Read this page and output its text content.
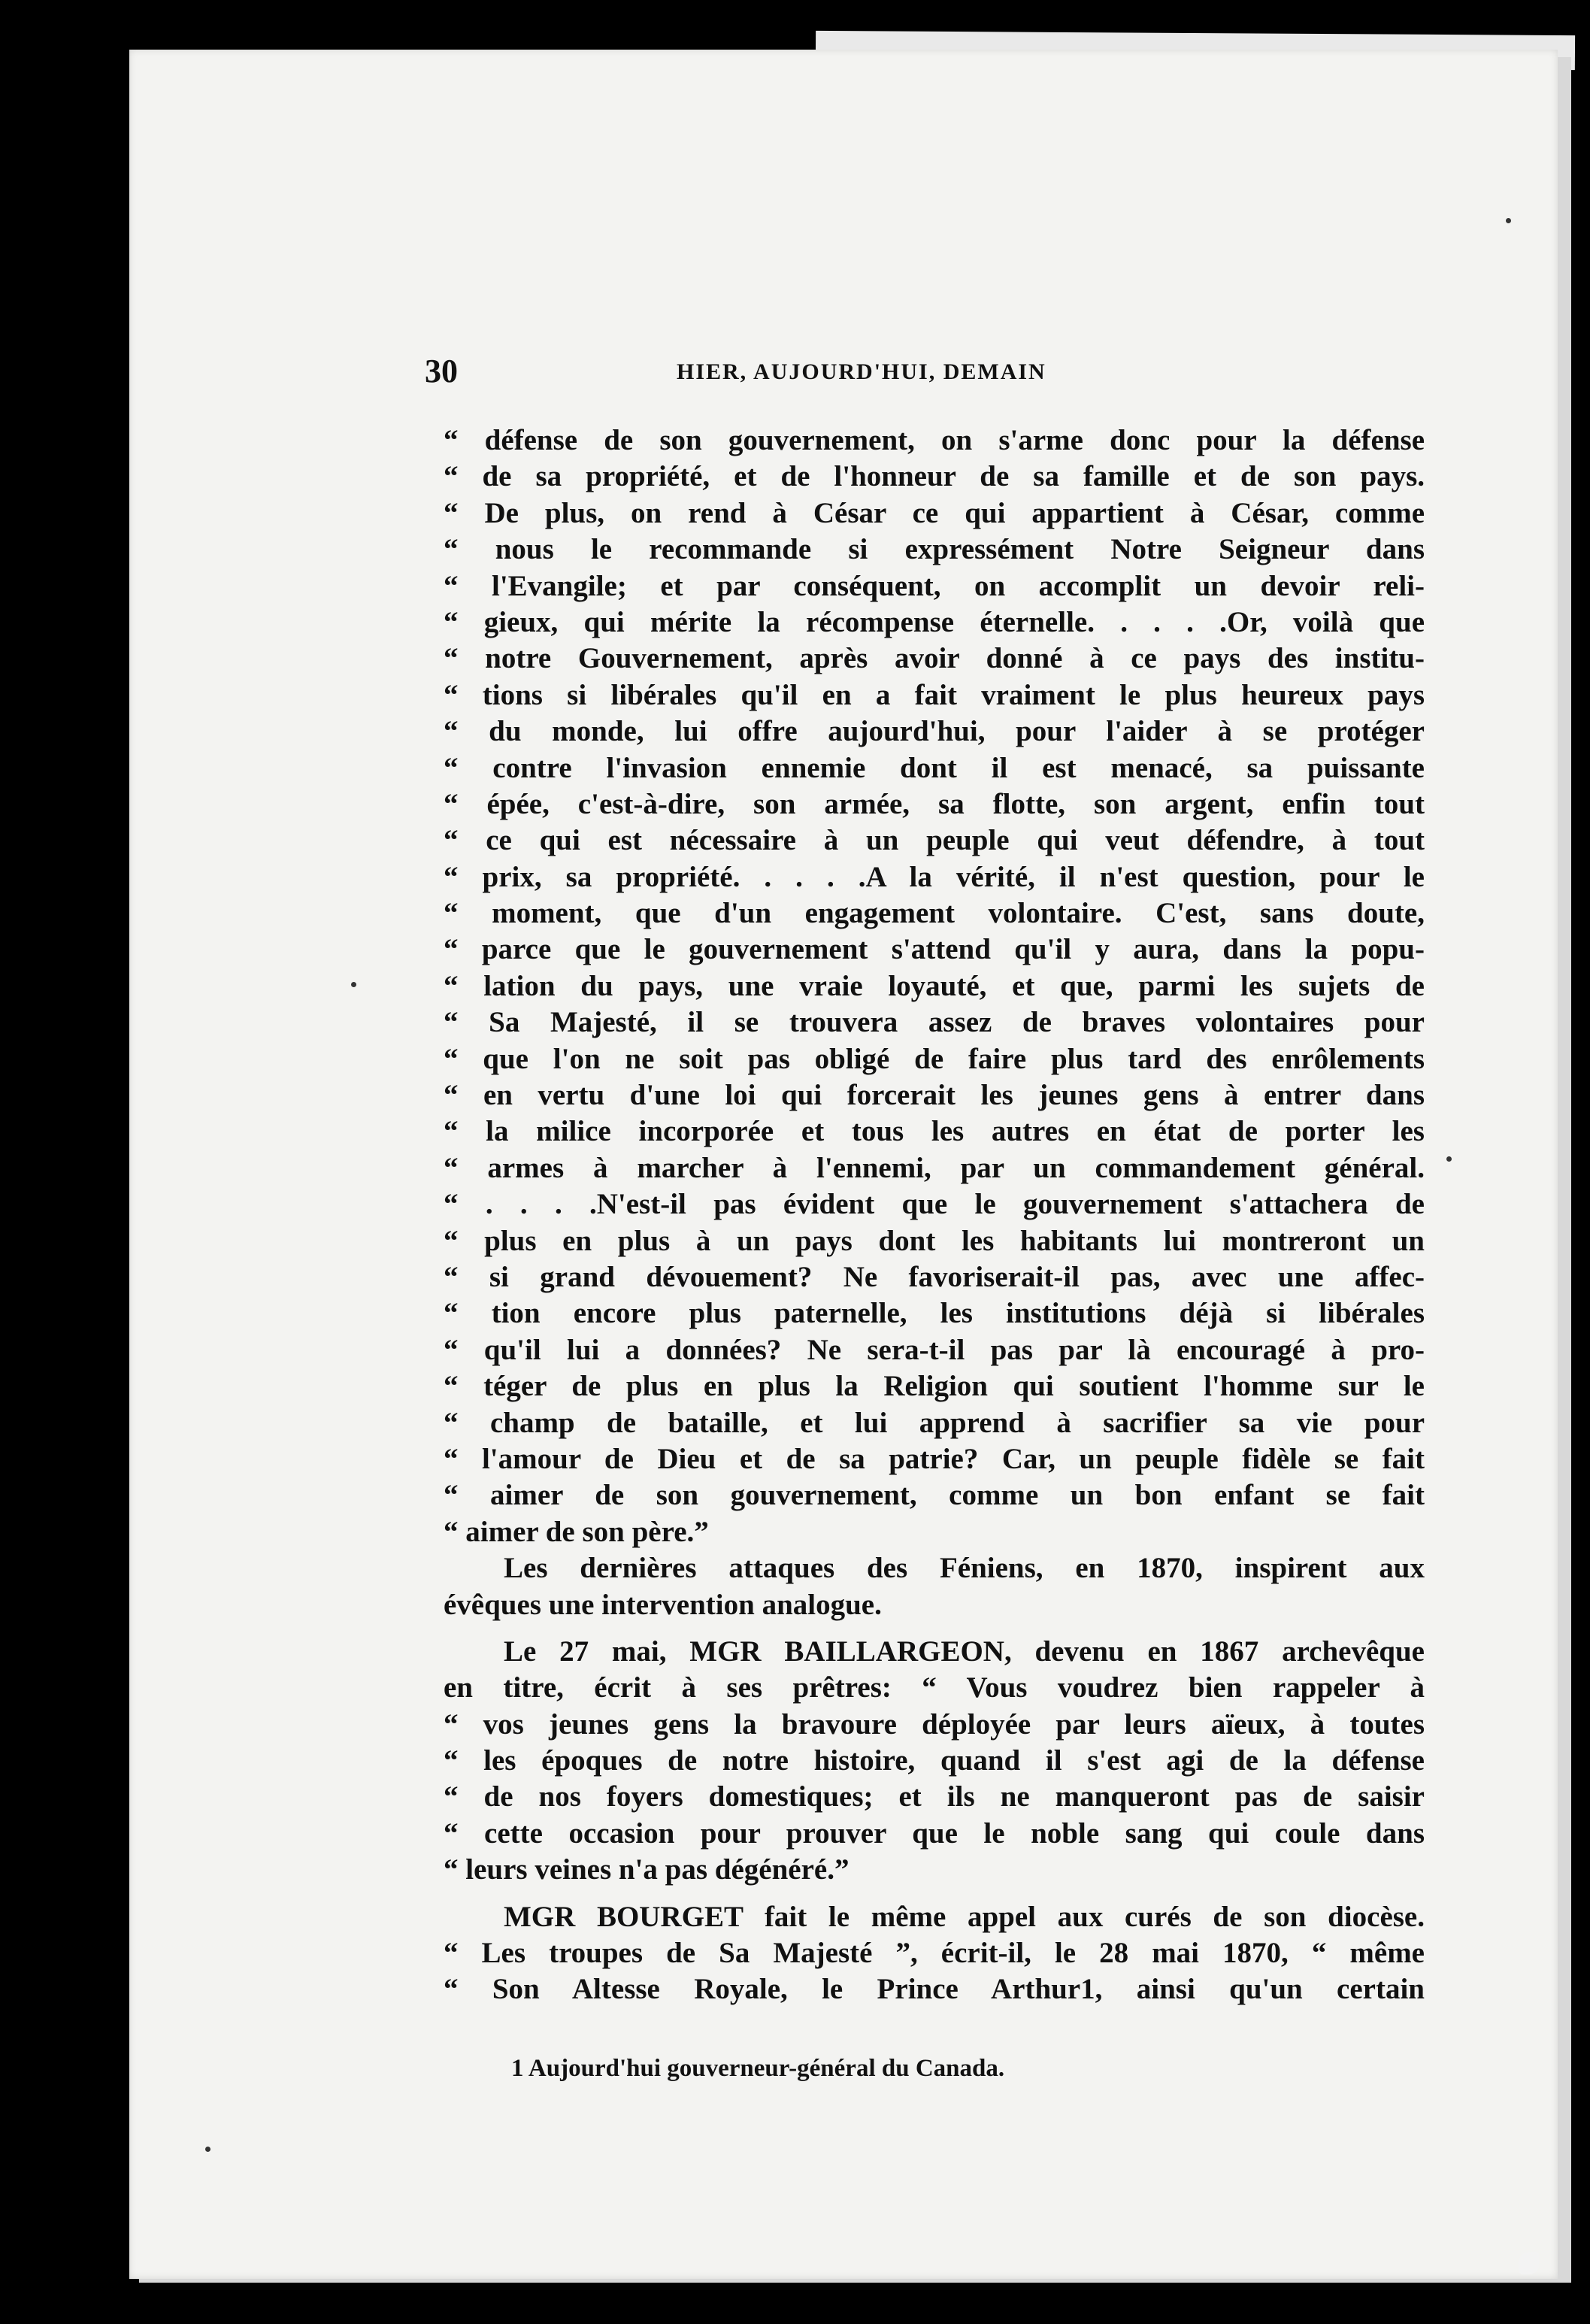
30	HIER, AUJOURD'HUI, DEMAIN
“ défense de son gouvernement, on s'arme donc pour la défense
“ de sa propriété, et de l'honneur de sa famille et de son pays.
“ De plus, on rend à César ce qui appartient à César, comme
“ nous le recommande si expressément Notre Seigneur dans
“ l'Evangile; et par conséquent, on accomplit un devoir reli-
“ gieux, qui mérite la récompense éternelle. . . . .Or, voilà que
“ notre Gouvernement, après avoir donné à ce pays des institu-
“ tions si libérales qu'il en a fait vraiment le plus heureux pays
“ du monde, lui offre aujourd'hui, pour l'aider à se protéger
“ contre l'invasion ennemie dont il est menacé, sa puissante
“ épée, c'est-à-dire, son armée, sa flotte, son argent, enfin tout
“ ce qui est nécessaire à un peuple qui veut défendre, à tout
“ prix, sa propriété. . . . .A la vérité, il n'est question, pour le
“ moment, que d'un engagement volontaire. C'est, sans doute,
“ parce que le gouvernement s'attend qu'il y aura, dans la popu-
“ lation du pays, une vraie loyauté, et que, parmi les sujets de
“ Sa Majesté, il se trouvera assez de braves volontaires pour
“ que l'on ne soit pas obligé de faire plus tard des enrôlements
“ en vertu d'une loi qui forcerait les jeunes gens à entrer dans
“ la milice incorporée et tous les autres en état de porter les
“ armes à marcher à l'ennemi, par un commandement général.
“ . . . .N'est-il pas évident que le gouvernement s'attachera de
“ plus en plus à un pays dont les habitants lui montreront un
“ si grand dévouement? Ne favoriserait-il pas, avec une affec-
“ tion encore plus paternelle, les institutions déjà si libérales
“ qu'il lui a données? Ne sera-t-il pas par là encouragé à pro-
“ téger de plus en plus la Religion qui soutient l'homme sur le
“ champ de bataille, et lui apprend à sacrifier sa vie pour
“ l'amour de Dieu et de sa patrie? Car, un peuple fidèle se fait
“ aimer de son gouvernement, comme un bon enfant se fait
“ aimer de son père.”
Les dernières attaques des Féniens, en 1870, inspirent aux
évêques une intervention analogue.
Le 27 mai, MGR BAILLARGEON, devenu en 1867 archevêque
en titre, écrit à ses prêtres: “ Vous voudrez bien rappeler à
“ vos jeunes gens la bravoure déployée par leurs aïeux, à toutes
“ les époques de notre histoire, quand il s'est agi de la défense
“ de nos foyers domestiques; et ils ne manqueront pas de saisir
“ cette occasion pour prouver que le noble sang qui coule dans
“ leurs veines n'a pas dégénéré.”
MGR BOURGET fait le même appel aux curés de son diocèse.
“ Les troupes de Sa Majesté ”, écrit-il, le 28 mai 1870, “ même
“ Son Altesse Royale, le Prince Arthur1, ainsi qu'un certain
1 Aujourd'hui gouverneur-général du Canada.
